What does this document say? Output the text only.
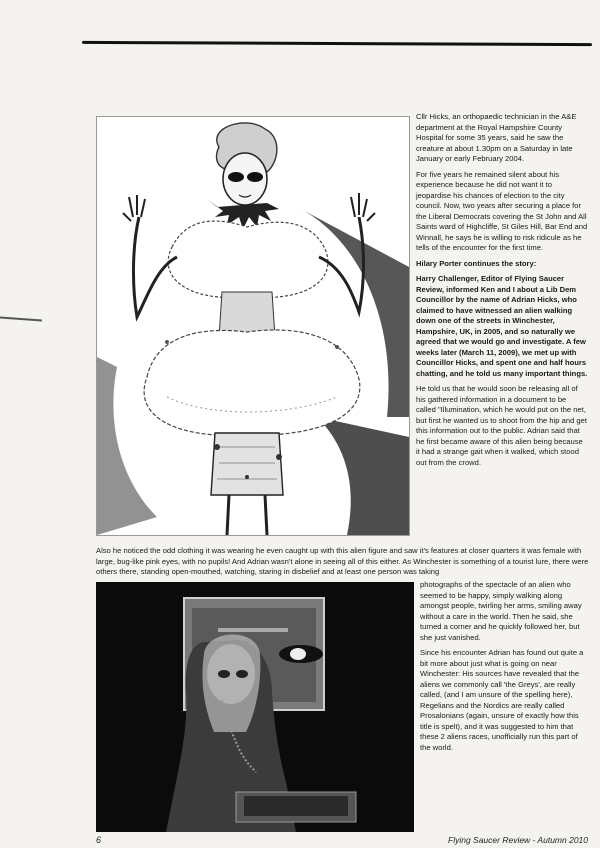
Cllr Hicks, an orthopaedic technician in the A&E department at the Royal Hampshire County Hospital for some 35 years, said he saw the creature at about 1.30pm on a Saturday in late January or early February 2004.

For five years he remained silent about his experience because he did not want it to jeopardise his chances of election to the city council. Now, two years after securing a place for the Liberal Democrats covering the St John and All Saints ward of Highcliffe, St Giles Hill, Bar End and Winnall, he says he is willing to risk ridicule as he tells of the encounter for the first time.

Hilary Porter continues the story:

Harry Challenger, Editor of Flying Saucer Review, informed Ken and I about a Lib Dem Councillor by the name of Adrian Hicks, who claimed to have witnessed an alien walking down one of the streets in Winchester, Hampshire, UK, in 2005, and so naturally we agreed that we would go and investigate. A few weeks later (March 11, 2009), we met up with Councillor Hicks, and spent one and half hours chatting, and he told us many important things.

He told us that he would soon be releasing all of his gathered information in a document to be called "Illumination, which he would put on the net, but first he wanted us to shoot from the hip and get this information out to the public. Adrian said that he first became aware of this alien being because it had a strange gait when it walked, which stood out from the crowd.

Also he noticed the odd clothing it was wearing he even caught up with this alien figure and saw it's features at closer quarters it was female with large, bug-like pink eyes, with no pupils! And Adrian wasn't alone in seeing all of this either. As Winchester is something of a tourist lure, there were others there, standing open-mouthed, watching, staring in disbelief and at least one person was taking

photographs of the spectacle of an alien who seemed to be happy, simply walking along amongst people, twirling her arms, smiling away without a care in the world. Then he said, she turned a corner and he quickly followed her, but she just vanished.

Since his encounter Adrian has found out quite a bit more about just what is going on near Winchester: His sources have revealed that the aliens we commonly call 'the Greys', are really called, (and I am unsure of the spelling here), Regelians and the Nordics are really called Prosalonians (again, unsure of exactly how this title is spelt), and it was suggested to him that these 2 aliens races, unofficially run this part of the world.

6	Flying Saucer Review - Autumn 2010
